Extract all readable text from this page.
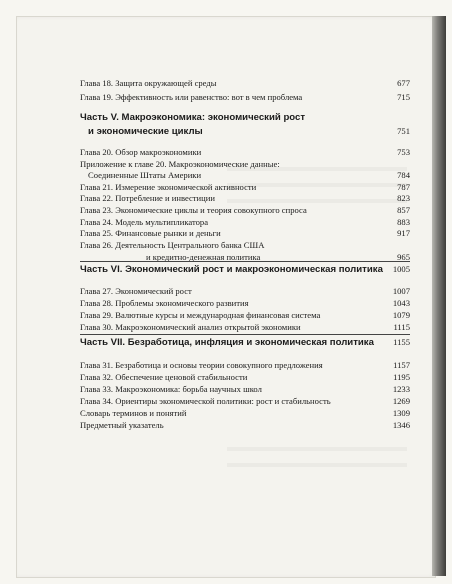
Глава 18. Защита окружающей среды	677
Глава 19. Эффективность или равенство: вот в чем проблема	715
Часть V. Макроэкономика: экономический рост
и экономические циклы	751
Глава 20. Обзор макроэкономики	753
Приложение к главе 20. Макроэкономические данные:
Соединенные Штаты Америки	784
Глава 21. Измерение экономической активности	787
Глава 22. Потребление и инвестиции	823
Глава 23. Экономические циклы и теория совокупного спроса	857
Глава 24. Модель мультипликатора	883
Глава 25. Финансовые рынки и деньги	917
Глава 26. Деятельность Центрального банка США
и кредитно-денежная политика	965
Часть VI. Экономический рост и макроэкономическая политика 1005
Глава 27. Экономический рост	1007
Глава 28. Проблемы экономического развития	1043
Глава 29. Валютные курсы и международная финансовая система	1079
Глава 30. Макроэкономический анализ открытой экономики	1115
Часть VII. Безработица, инфляция и экономическая политика 1155
Глава 31. Безработица и основы теории совокупного предложения	1157
Глава 32. Обеспечение ценовой стабильности	1195
Глава 33. Макроэкономика: борьба научных школ	1233
Глава 34. Ориентиры экономической политики: рост и стабильность	1269
Словарь терминов и понятий	1309
Предметный указатель	1346
